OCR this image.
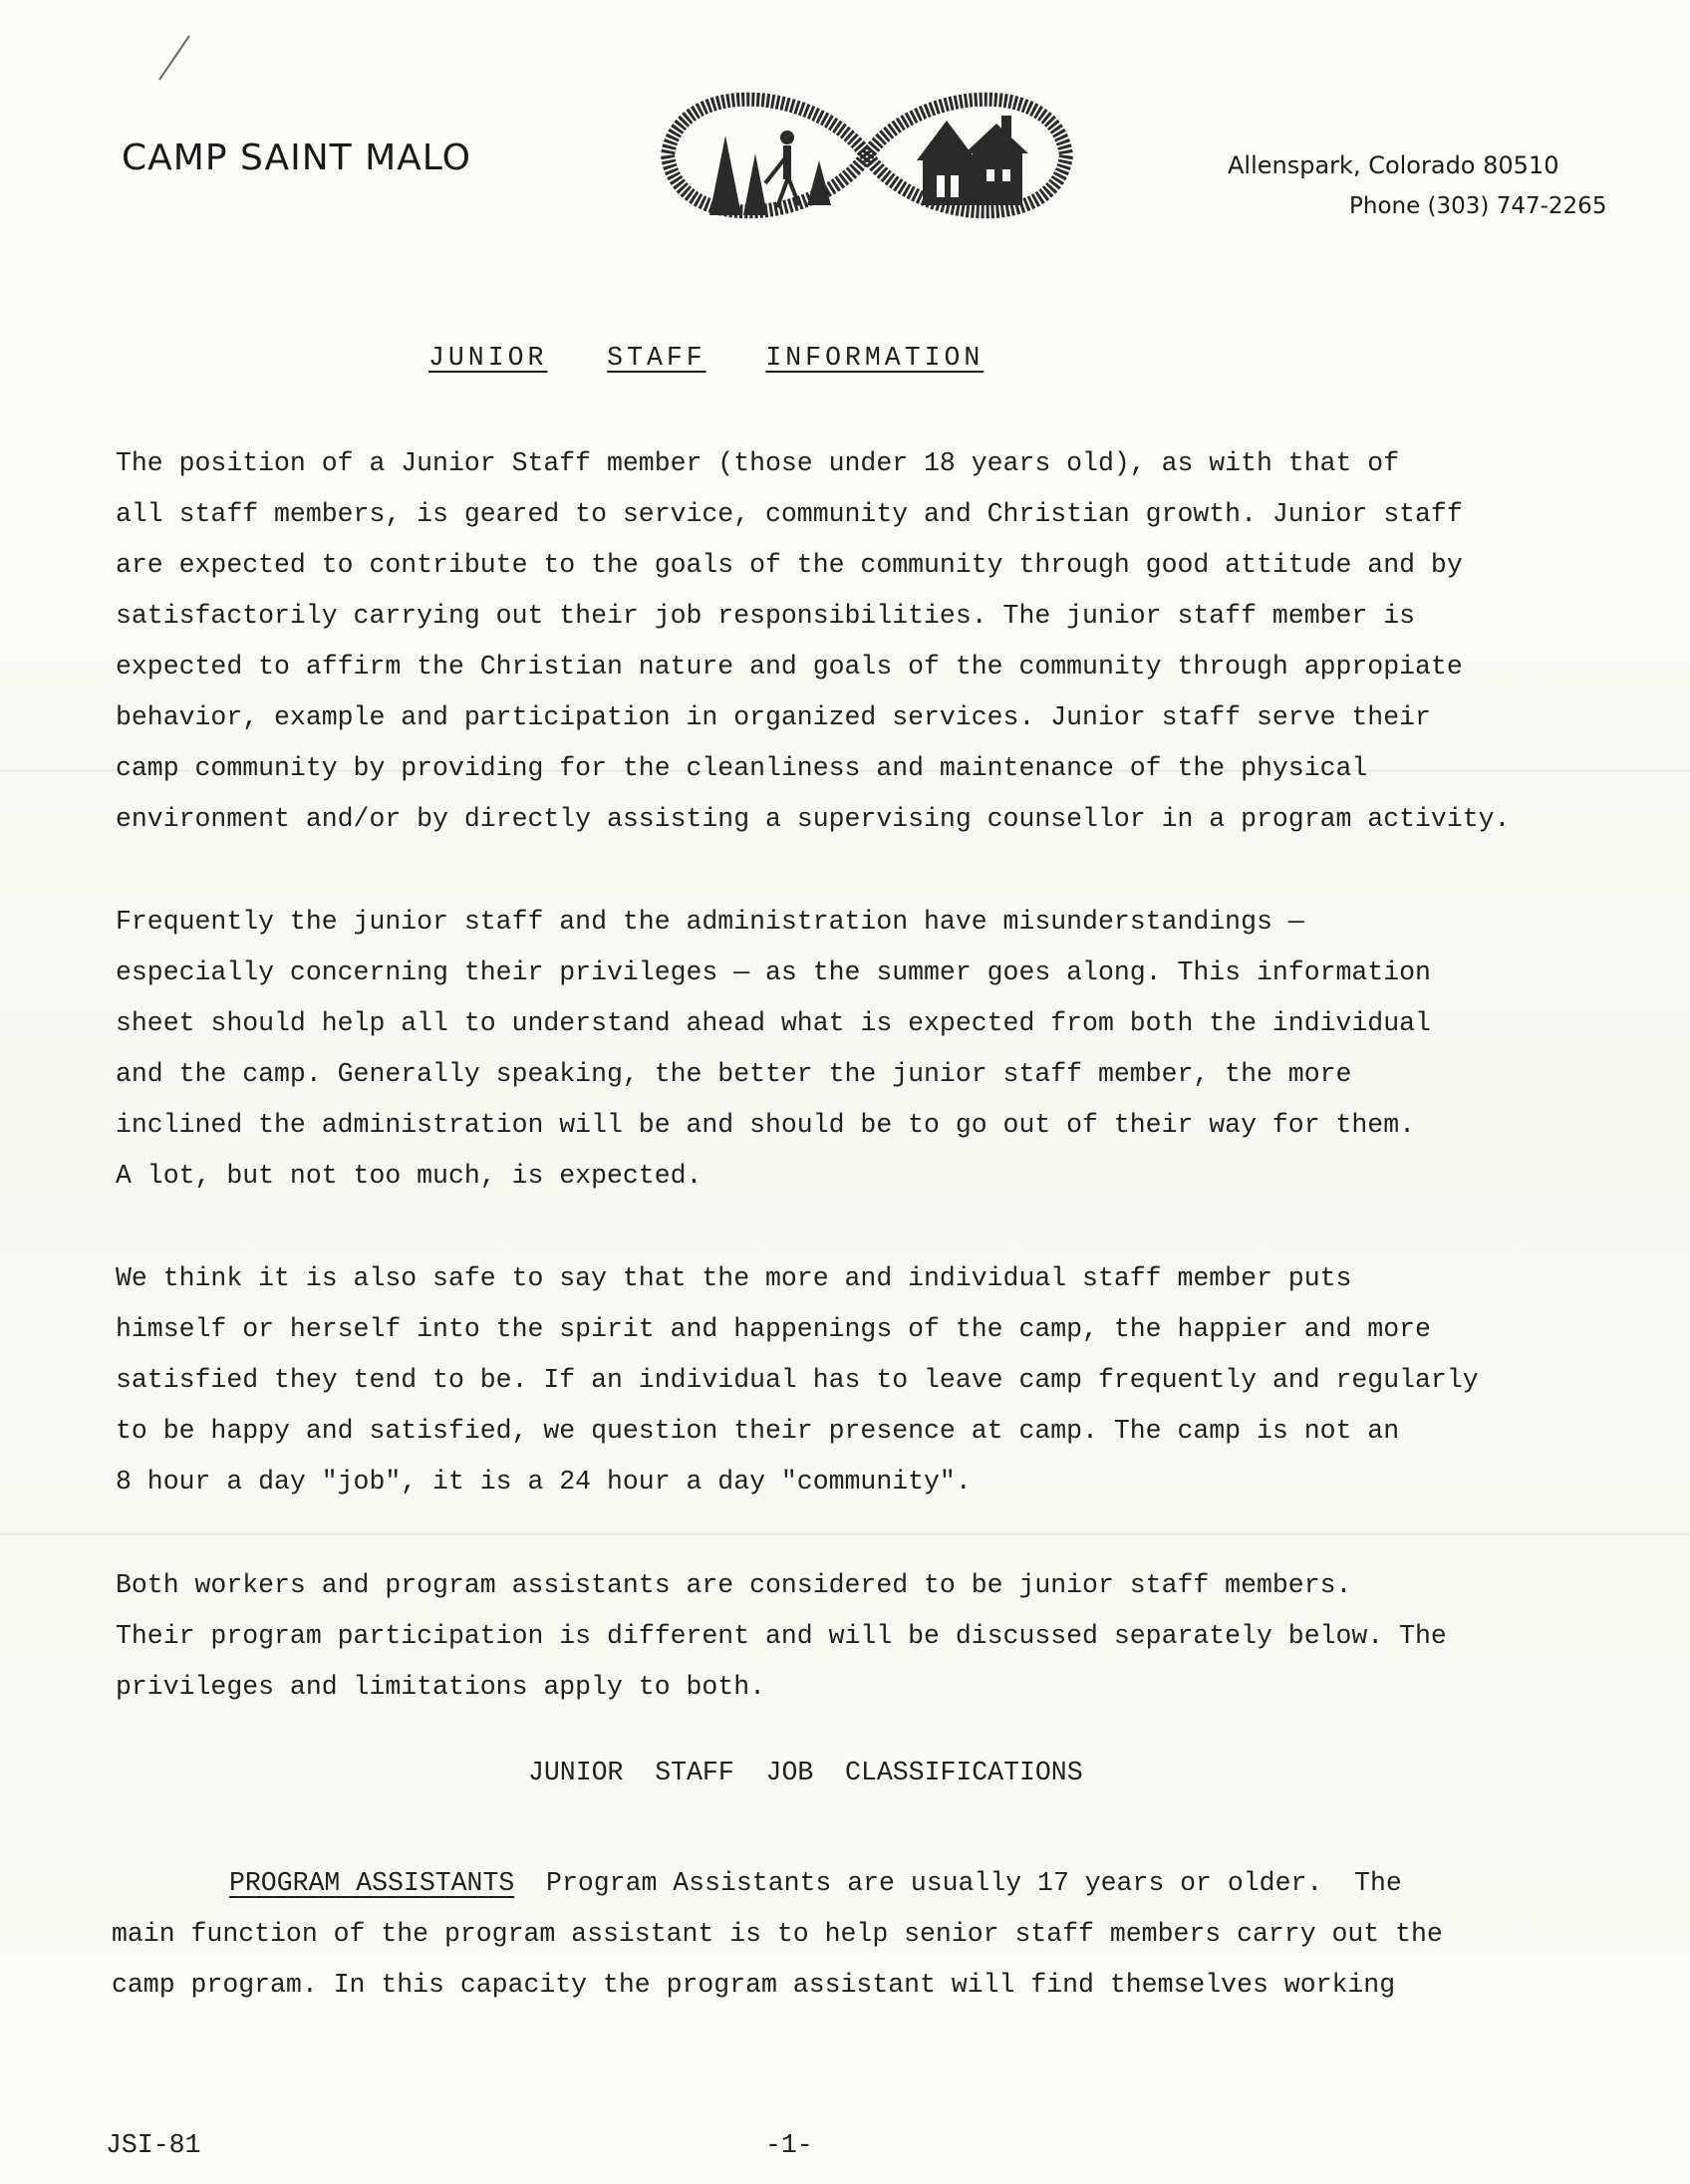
CAMP SAINT MALO	Allenspark, Colorado 80510
Phone (303) 747-2265
JUNIOR STAFF INFORMATION
The position of a Junior Staff member (those under 18 years old), as with that of
all staff members, is geared to service, community and Christian growth. Junior staff
are expected to contribute to the goals of the community through good attitude and by
satisfactorily carrying out their job responsibilities. The junior staff member is
expected to affirm the Christian nature and goals of the community through appropiate
behavior, example and participation in organized services. Junior staff serve their
camp community by providing for the cleanliness and maintenance of the physical
environment and/or by directly assisting a supervising counsellor in a program activity.
Frequently the junior staff and the administration have misunderstandings —
especially concerning their privileges — as the summer goes along. This information
sheet should help all to understand ahead what is expected from both the individual
and the camp. Generally speaking, the better the junior staff member, the more
inclined the administration will be and should be to go out of their way for them.
A lot, but not too much, is expected.
We think it is also safe to say that the more and individual staff member puts
himself or herself into the spirit and happenings of the camp, the happier and more
satisfied they tend to be. If an individual has to leave camp frequently and regularly
to be happy and satisfied, we question their presence at camp. The camp is not an
8 hour a day "job", it is a 24 hour a day "community".
Both workers and program assistants are considered to be junior staff members.
Their program participation is different and will be discussed separately below. The
privileges and limitations apply to both.
JUNIOR  STAFF  JOB  CLASSIFICATIONS
PROGRAM ASSISTANTS  Program Assistants are usually 17 years or older.  The
main function of the program assistant is to help senior staff members carry out the
camp program. In this capacity the program assistant will find themselves working
JSI-81	-1-
